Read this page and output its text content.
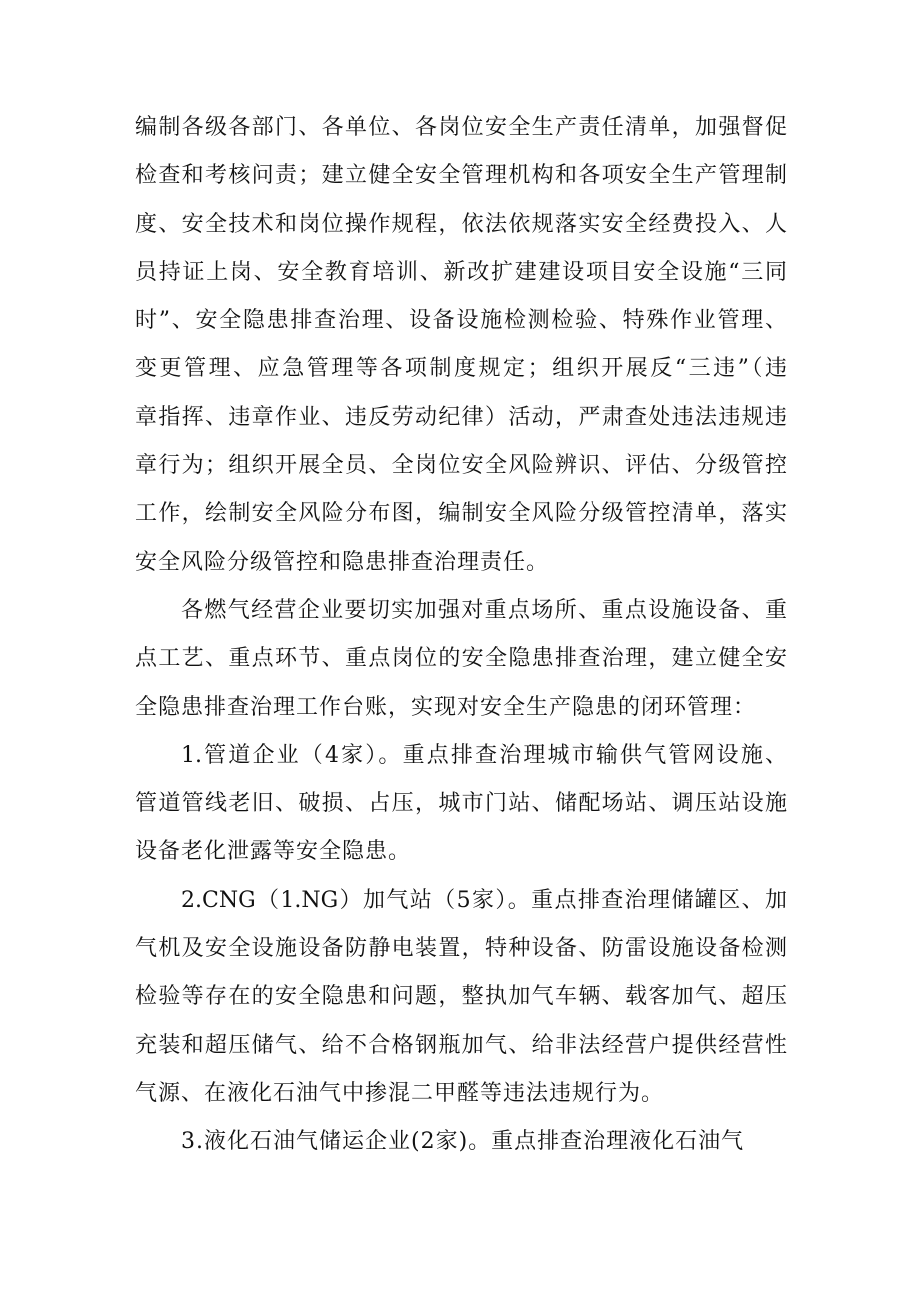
编制各级各部门、各单位、各岗位安全生产责任清单，加强督促
检查和考核问责；建立健全安全管理机构和各项安全生产管理制
度、安全技术和岗位操作规程，依法依规落实安全经费投入、人
员持证上岗、安全教育培训、新改扩建建设项目安全设施“三同
时”、安全隐患排查治理、设备设施检测检验、特殊作业管理、
变更管理、应急管理等各项制度规定；组织开展反“三违”（违
章指挥、违章作业、违反劳动纪律）活动，严肃查处违法违规违
章行为；组织开展全员、全岗位安全风险辨识、评估、分级管控
工作，绘制安全风险分布图，编制安全风险分级管控清单，落实
安全风险分级管控和隐患排查治理责任。
各燃气经营企业要切实加强对重点场所、重点设施设备、重
点工艺、重点环节、重点岗位的安全隐患排查治理，建立健全安
全隐患排查治理工作台账，实现对安全生产隐患的闭环管理：
1.管道企业（4家）。重点排查治理城市输供气管网设施、
管道管线老旧、破损、占压，城市门站、储配场站、调压站设施
设备老化泄露等安全隐患。
2.CNG（1.NG）加气站（5家）。重点排查治理储罐区、加
气机及安全设施设备防静电装置，特种设备、防雷设施设备检测
检验等存在的安全隐患和问题，整执加气车辆、载客加气、超压
充装和超压储气、给不合格钢瓶加气、给非法经营户提供经营性
气源、在液化石油气中掺混二甲醛等违法违规行为。
3.液化石油气储运企业(2家)。重点排查治理液化石油气
